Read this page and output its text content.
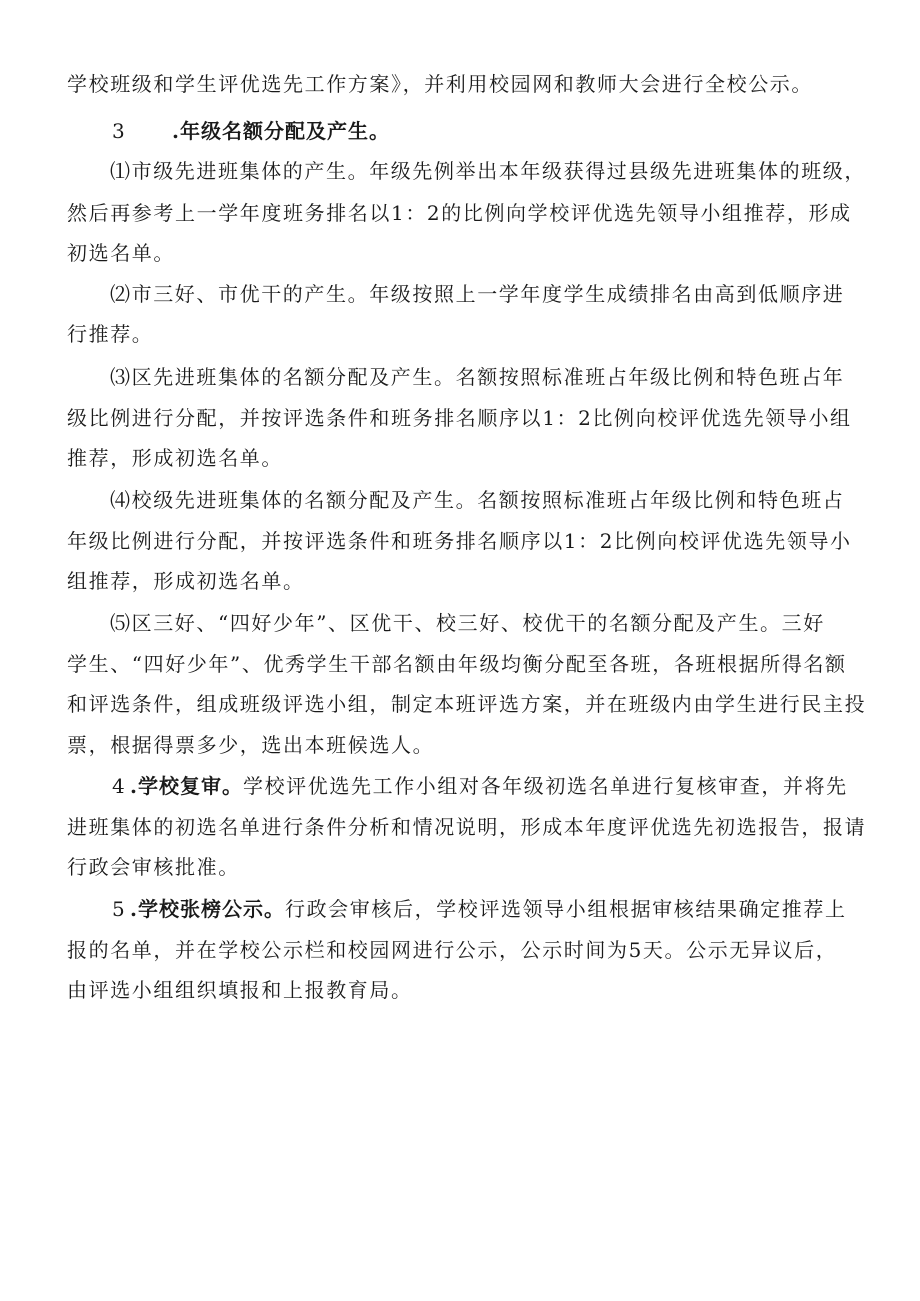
学校班级和学生评优选先工作方案》，并利用校园网和教师大会进行全校公示。
3 .年级名额分配及产生。
⑴市级先进班集体的产生。年级先例举出本年级获得过县级先进班集体的班级，
然后再参考上一学年度班务排名以1：2的比例向学校评优选先领导小组推荐，形成
初选名单。
⑵市三好、市优干的产生。年级按照上一学年度学生成绩排名由高到低顺序进
行推荐。
⑶区先进班集体的名额分配及产生。名额按照标准班占年级比例和特色班占年
级比例进行分配，并按评选条件和班务排名顺序以1：2比例向校评优选先领导小组
推荐，形成初选名单。
⑷校级先进班集体的名额分配及产生。名额按照标准班占年级比例和特色班占
年级比例进行分配，并按评选条件和班务排名顺序以1：2比例向校评优选先领导小
组推荐，形成初选名单。
⑸区三好、“四好少年”、区优干、校三好、校优干的名额分配及产生。三好
学生、“四好少年”、优秀学生干部名额由年级均衡分配至各班，各班根据所得名额
和评选条件，组成班级评选小组，制定本班评选方案，并在班级内由学生进行民主投
票，根据得票多少，选出本班候选人。
4 .学校复审。学校评优选先工作小组对各年级初选名单进行复核审查，并将先
进班集体的初选名单进行条件分析和情况说明，形成本年度评优选先初选报告，报请
行政会审核批准。
5 .学校张榜公示。行政会审核后，学校评选领导小组根据审核结果确定推荐上
报的名单，并在学校公示栏和校园网进行公示，公示时间为5天。公示无异议后，
由评选小组组织填报和上报教育局。
